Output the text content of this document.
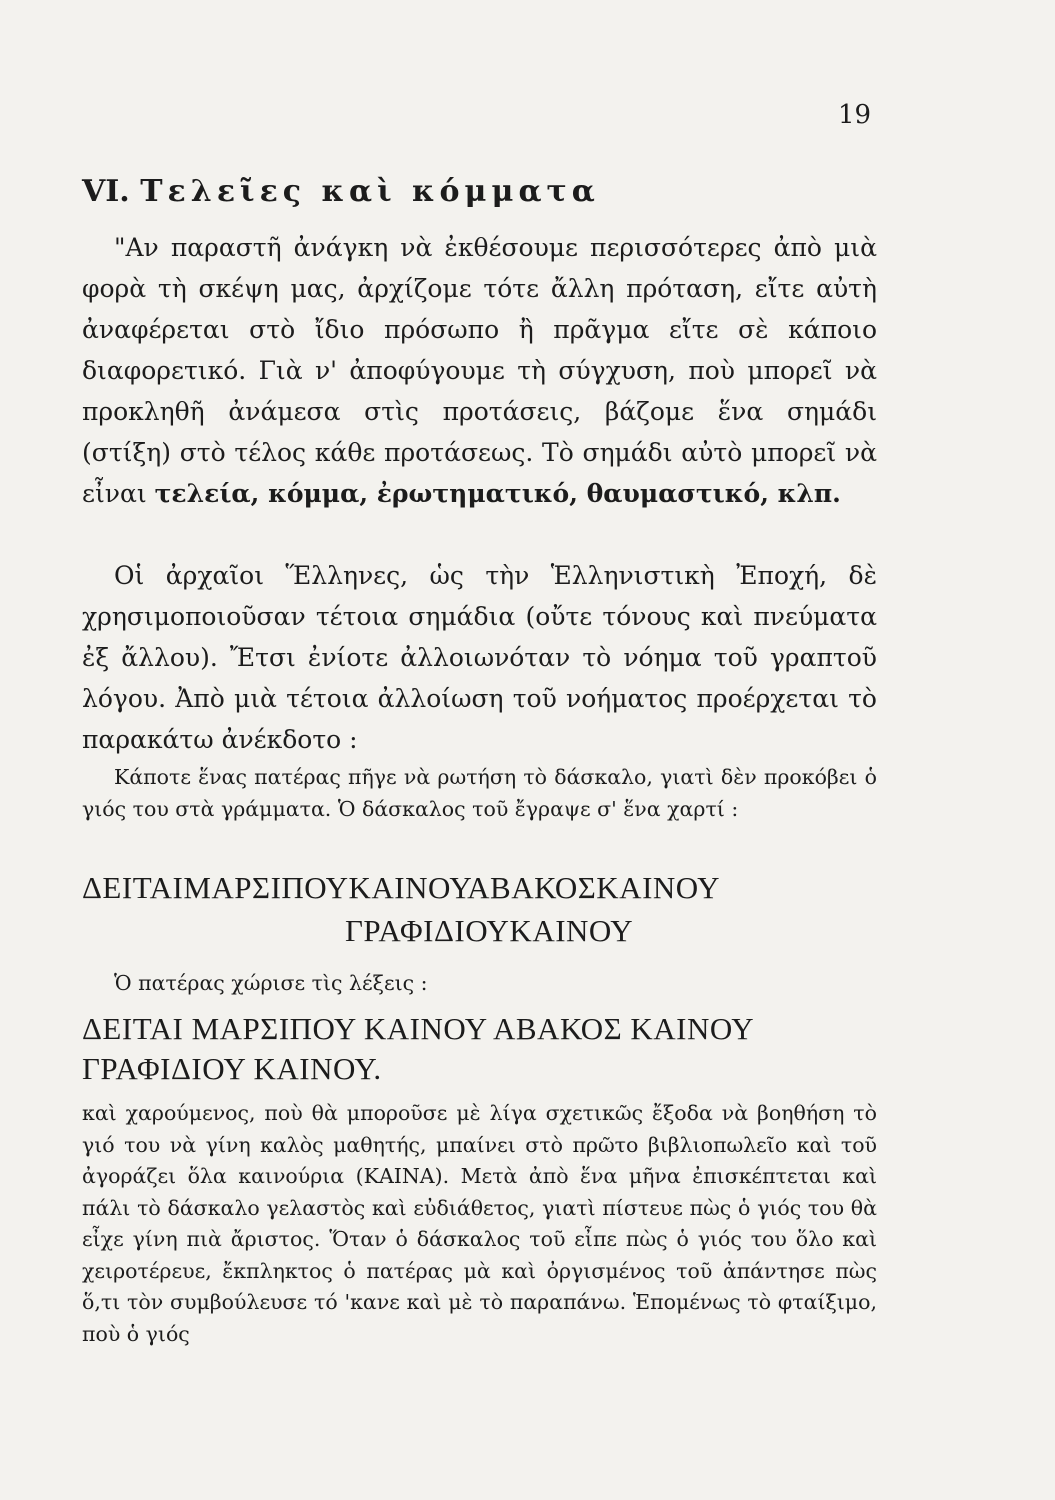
19
VI. Τελεῖες καὶ κόμματα
"Αν παραστῆ ἀνάγκη νὰ ἐκθέσουμε περισσότερες ἀπὸ μιὰ φορὰ τὴ σκέψη μας, ἀρχίζομε τότε ἄλλη πρόταση, εἴτε αὐτὴ ἀναφέρεται στὸ ἴδιο πρόσωπο ἢ πρᾶγμα εἴτε σὲ κάποιο διαφορετικό. Γιὰ ν' ἀποφύγουμε τὴ σύγχυση, ποὺ μπορεῖ νὰ προκληθῆ ἀνάμεσα στὶς προτάσεις, βάζομε ἕνα σημάδι (στίξη) στὸ τέλος κάθε προτάσεως. Τὸ σημάδι αὐτὸ μπορεῖ νὰ εἶναι τελεία, κόμμα, ἐρωτηματικό, θαυμαστικό, κλπ.
Οἱ ἀρχαῖοι Ἕλληνες, ὡς τὴν Ἑλληνιστικὴ Ἐποχή, δὲ χρησιμοποιοῦσαν τέτοια σημάδια (οὔτε τόνους καὶ πνεύματα ἐξ ἄλλου). Ἔτσι ἐνίοτε ἀλλοιωνόταν τὸ νόημα τοῦ γραπτοῦ λόγου. Ἀπὸ μιὰ τέτοια ἀλλοίωση τοῦ νοήματος προέρχεται τὸ παρακάτω ἀνέκδοτο :
Κάποτε ἕνας πατέρας πῆγε νὰ ρωτήση τὸ δάσκαλο, γιατὶ δὲν προκόβει ὁ γιός του στὰ γράμματα. Ὁ δάσκαλος τοῦ ἔγραψε σ' ἕνα χαρτί :
ΔΕΙΤΑΙΜΑΡΣΙΠΟΥΚΑΙΝΟΥΑΒΑΚΟΣΚΑΙΝΟΥ
ΓΡΑΦΙΔΙΟΥΚΑΙΝΟΥ
Ὁ πατέρας χώρισε τὶς λέξεις :
ΔΕΙΤΑΙ ΜΑΡΣΙΠΟΥ ΚΑΙΝΟΥ ΑΒΑΚΟΣ ΚΑΙΝΟΥ
ΓΡΑΦΙΔΙΟΥ ΚΑΙΝΟΥ.
καὶ χαρούμενος, ποὺ θὰ μποροῦσε μὲ λίγα σχετικῶς ἔξοδα νὰ βοηθήση τὸ γιό του νὰ γίνη καλὸς μαθητής, μπαίνει στὸ πρῶτο βιβλιοπωλεῖο καὶ τοῦ ἀγοράζει ὅλα καινούρια (ΚΑΙΝΑ). Μετὰ ἀπὸ ἕνα μῆνα ἐπισκέπτεται καὶ πάλι τὸ δάσκαλο γελαστὸς καὶ εὐδιάθετος, γιατὶ πίστευε πὼς ὁ γιός του θὰ εἶχε γίνη πιὰ ἄριστος. Ὅταν ὁ δάσκαλος τοῦ εἶπε πὼς ὁ γιός του ὅλο καὶ χειροτέρευε, ἔκπληκτος ὁ πατέρας μὰ καὶ ὀργισμένος τοῦ ἀπάντησε πὼς ὅ,τι τὸν συμβούλευσε τό 'κανε καὶ μὲ τὸ παραπάνω. Ἑπομένως τὸ φταίξιμο, ποὺ ὁ γιός
